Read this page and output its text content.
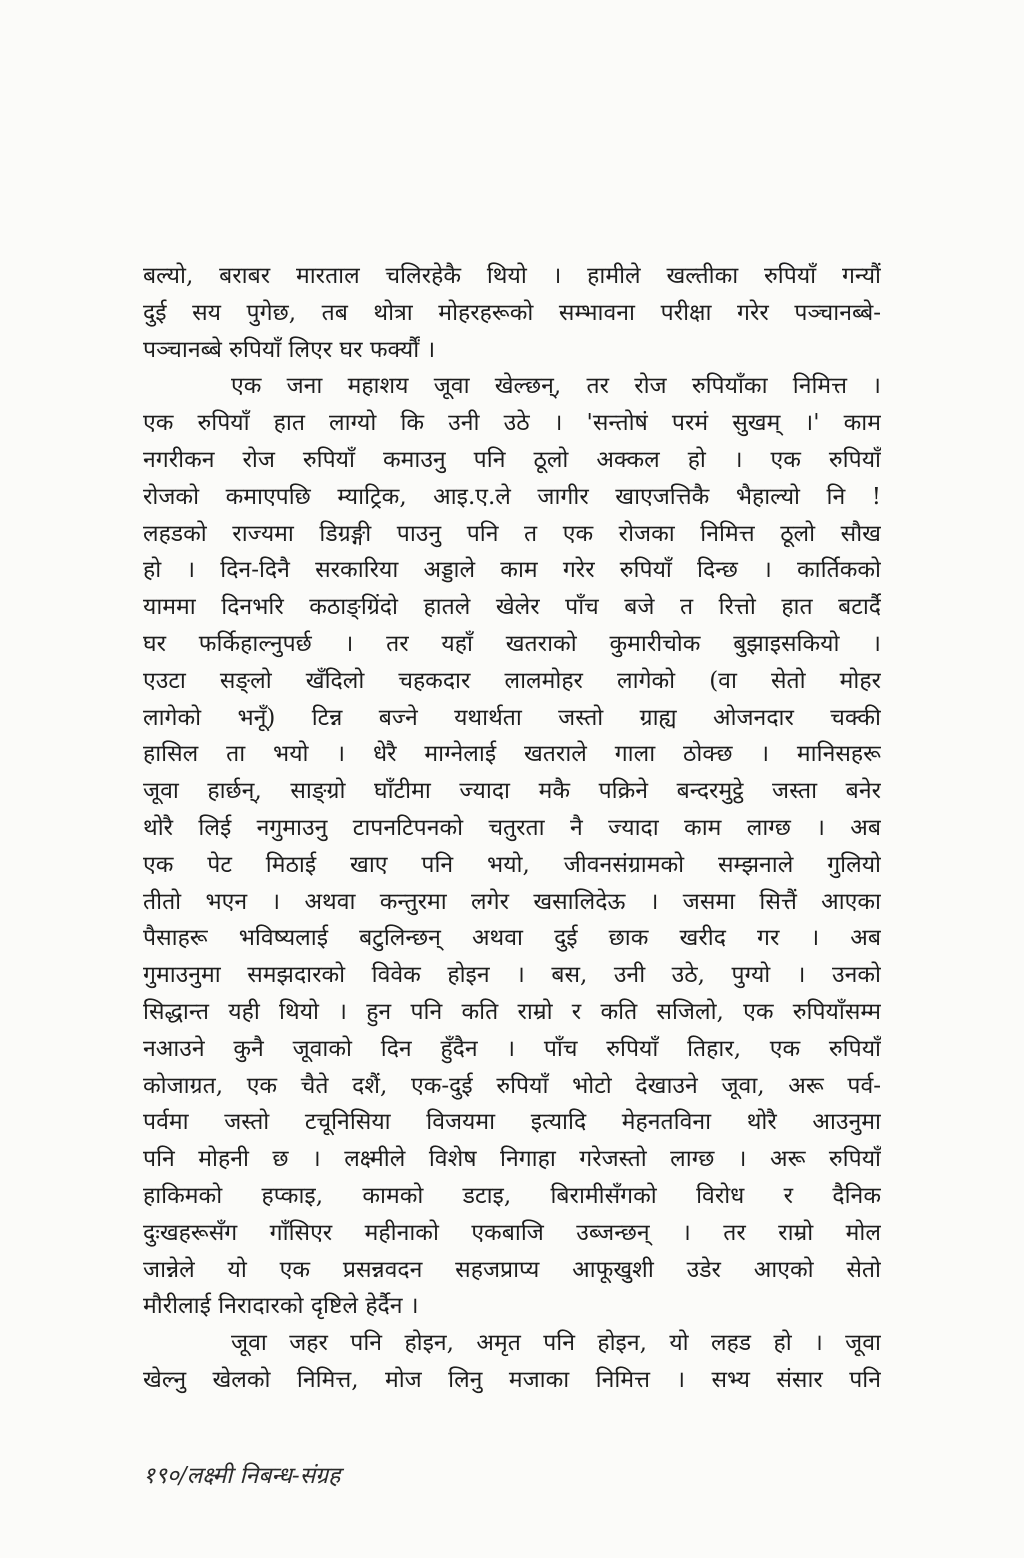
बल्यो, बराबर मारताल चलिरहेकै थियो । हामीले खल्तीका रुपियाँ गन्यौं
दुई सय पुगेछ, तब थोत्रा मोहरहरूको सम्भावना परीक्षा गरेर पञ्चानब्बे-
पञ्चानब्बे रुपियाँ लिएर घर फर्क्यौं ।
एक जना महाशय जूवा खेल्छन्, तर रोज रुपियाँका निमित्त ।
एक रुपियाँ हात लाग्यो कि उनी उठे । 'सन्तोषं परमं सुखम् ।' काम
नगरीकन रोज रुपियाँ कमाउनु पनि ठूलो अक्कल हो । एक रुपियाँ
रोजको कमाएपछि म्याट्रिक, आइ.ए.ले जागीर खाएजत्तिकै भैहाल्यो नि !
लहडको राज्यमा डिग्रङ्गी पाउनु पनि त एक रोजका निमित्त ठूलो सौख
हो । दिन-दिनै सरकारिया अड्डाले काम गरेर रुपियाँ दिन्छ । कार्तिकको
याममा दिनभरि कठाङ्ग्रिंदो हातले खेलेर पाँच बजे त रित्तो हात बटार्दै
घर फर्किहाल्नुपर्छ । तर यहाँ खतराको कुमारीचोक बुझाइसकियो ।
एउटा सङ्लो खँदिलो चहकदार लालमोहर लागेको (वा सेतो मोहर
लागेको भनूँ) टिन्न बज्ने यथार्थता जस्तो ग्राह्य ओजनदार चक्की
हासिल ता भयो । धेरै माग्नेलाई खतराले गाला ठोक्छ । मानिसहरू
जूवा हार्छन्, साङ्ग्रो घाँटीमा ज्यादा मकै पक्रिने बन्दरमुट्ठे जस्ता बनेर
थोरै लिई नगुमाउनु टापनटिपनको चतुरता नै ज्यादा काम लाग्छ । अब
एक पेट मिठाई खाए पनि भयो, जीवनसंग्रामको सम्झनाले गुलियो
तीतो भएन । अथवा कन्तुरमा लगेर खसालिदेऊ । जसमा सित्तैं आएका
पैसाहरू भविष्यलाई बटुलिन्छन् अथवा दुई छाक खरीद गर । अब
गुमाउनुमा समझदारको विवेक होइन । बस, उनी उठे, पुग्यो । उनको
सिद्धान्त यही थियो । हुन पनि कति राम्रो र कति सजिलो, एक रुपियाँसम्म
नआउने कुनै जूवाको दिन हुँदैन । पाँच रुपियाँ तिहार, एक रुपियाँ
कोजाग्रत, एक चैते दशैं, एक-दुई रुपियाँ भोटो देखाउने जूवा, अरू पर्व-
पर्वमा जस्तो टचूनिसिया विजयमा इत्यादि मेहनतविना थोरै आउनुमा
पनि मोहनी छ । लक्ष्मीले विशेष निगाहा गरेजस्तो लाग्छ । अरू रुपियाँ
हाकिमको हप्काइ, कामको डटाइ, बिरामीसँगको विरोध र दैनिक
दुःखहरूसँग गाँसिएर महीनाको एकबाजि उब्जन्छन् । तर राम्रो मोल
जान्नेले यो एक प्रसन्नवदन सहजप्राप्य आफूखुशी उडेर आएको सेतो
मौरीलाई निरादारको दृष्टिले हेर्दैन ।
जूवा जहर पनि होइन, अमृत पनि होइन, यो लहड हो । जूवा
खेल्नु खेलको निमित्त, मोज लिनु मजाका निमित्त । सभ्य संसार पनि
१९०/लक्ष्मी निबन्ध-संग्रह
